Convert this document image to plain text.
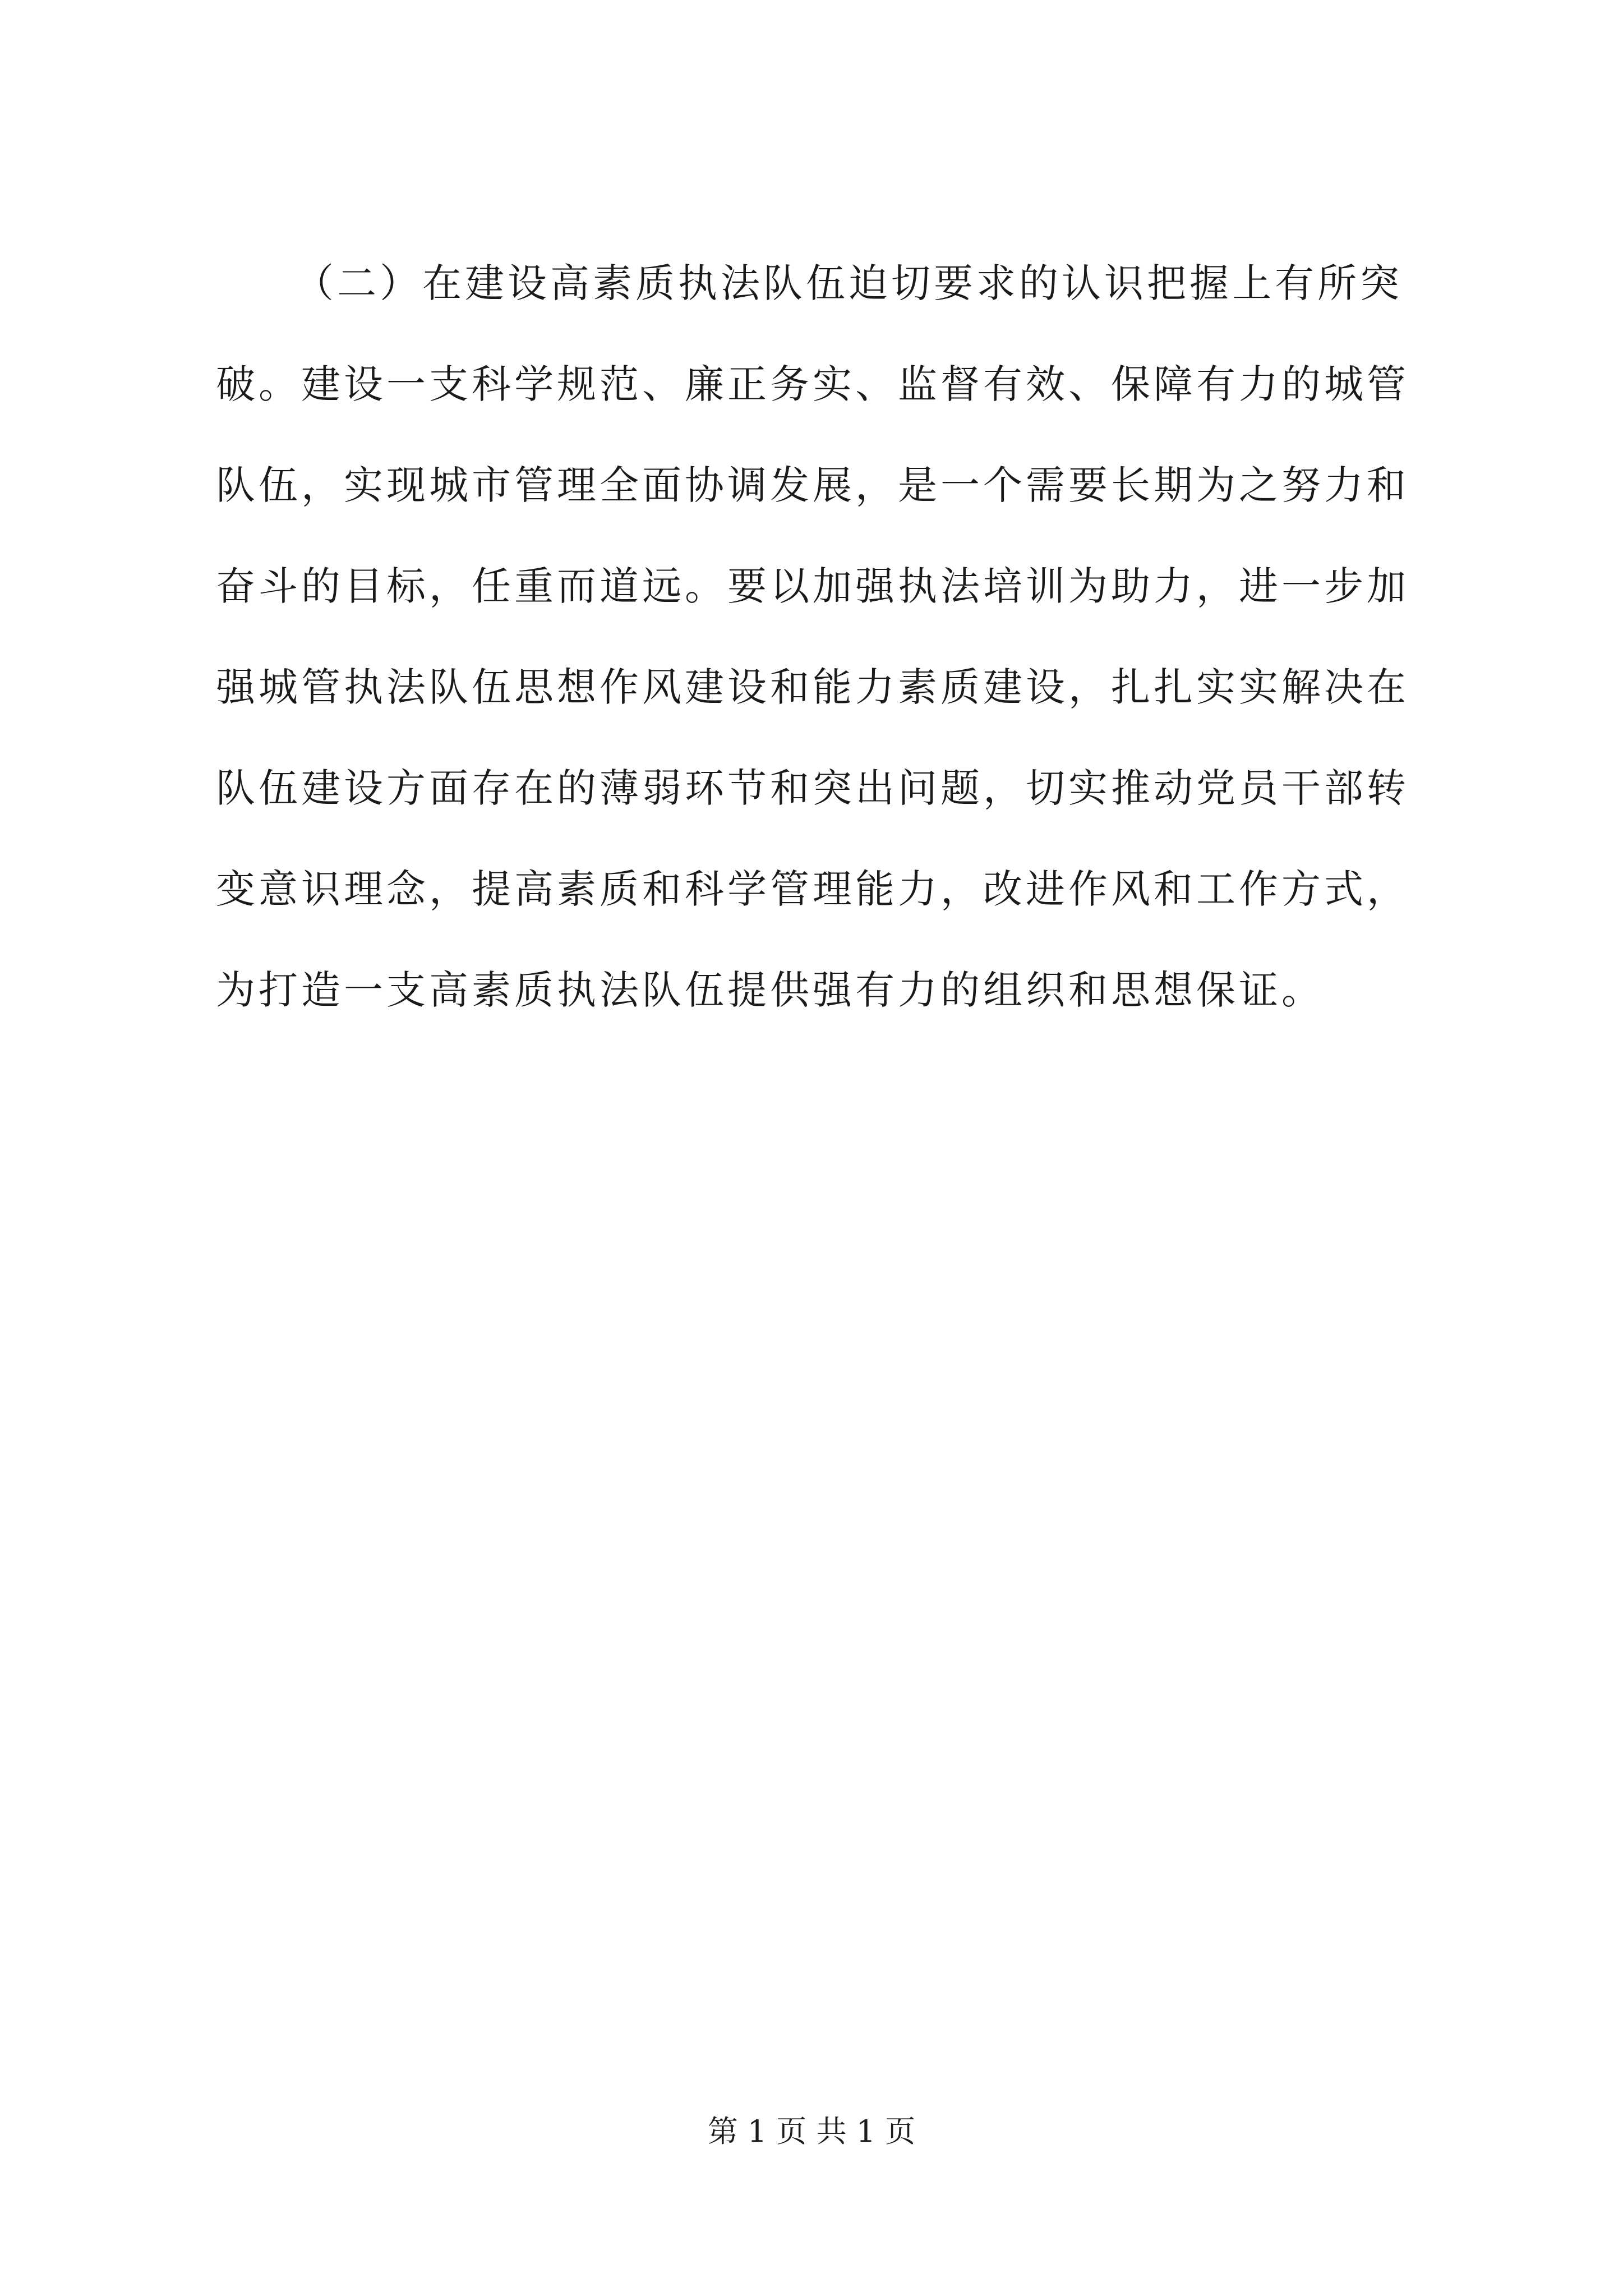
（二）在建设高素质执法队伍迫切要求的认识把握上有所突
破。建设一支科学规范、廉正务实、监督有效、保障有力的城管
队伍，实现城市管理全面协调发展，是一个需要长期为之努力和
奋斗的目标，任重而道远。要以加强执法培训为助力，进一步加
强城管执法队伍思想作风建设和能力素质建设，扎扎实实解决在
队伍建设方面存在的薄弱环节和突出问题，切实推动党员干部转
变意识理念，提高素质和科学管理能力，改进作风和工作方式，
为打造一支高素质执法队伍提供强有力的组织和思想保证。
第 1 页 共 1 页
